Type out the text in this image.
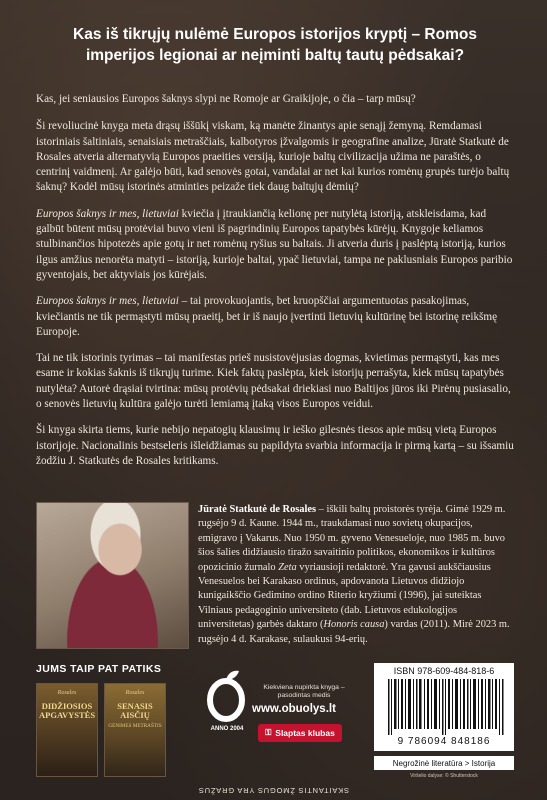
Kas iš tikrųjų nulėmė Europos istorijos kryptį – Romos imperijos legionai ar neįminti baltų tautų pėdsakai?

Kas, jei seniausios Europos šaknys slypi ne Romoje ar Graikijoje, o čia – tarp mūsų?

Ši revoliucinė knyga meta drąsų iššūkį viskam, ką manėte žinantys apie senąjį žemyną. Remdamasi istoriniais šaltiniais, senaisiais metraščiais, kalbotyros įžvalgomis ir geografine analize, Jūratė Statkutė de Rosales atveria alternatyvią Europos praeities versiją, kurioje baltų civilizacija užima ne paraštės, o centrinį vaidmenį. Ar galėjo būti, kad senovės gotai, vandalai ar net kai kurios romėnų grupės turėjo baltų šaknų? Kodėl mūsų istorinės atminties peizaže tiek daug baltųjų dėmių?

Europos šaknys ir mes, lietuviai kviečia į įtraukiančią kelionę per nutylėtą istoriją, atskleisdama, kad galbūt būtent mūsų protėviai buvo vieni iš pagrindinių Europos tapatybės kūrėjų. Knygoje keliamos stulbinančios hipotezės apie gotų ir net romėnų ryšius su baltais. Ji atveria duris į paslėptą istoriją, kurios ilgus amžius nenorėta matyti – istoriją, kurioje baltai, ypač lietuviai, tampa ne paklusniais Europos paribio gyventojais, bet aktyviais jos kūrėjais.

Europos šaknys ir mes, lietuviai – tai provokuojantis, bet kruopščiai argumentuotas pasakojimas, kviečiantis ne tik permąstyti mūsų praeitį, bet ir iš naujo įvertinti lietuvių kultūrinę bei istorinę reikšmę Europoje.

Tai ne tik istorinis tyrimas – tai manifestas prieš nusistovėjusias dogmas, kvietimas permąstyti, kas mes esame ir kokias šaknis iš tikrųjų turime. Kiek faktų paslėpta, kiek istorijų perrašyta, kiek mūsų tapatybės nutylėta? Autorė drąsiai tvirtina: mūsų protėvių pėdsakai driekiasi nuo Baltijos jūros iki Pirėnų pusiasalio, o senovės lietuvių kultūra galėjo turėti lemiamą įtaką visos Europos veidui.

Ši knyga skirta tiems, kurie nebijo nepatogių klausimų ir ieško gilesnės tiesos apie mūsų vietą Europos istorijoje. Nacionalinis bestseleris išleidžiamas su papildyta svarbia informacija ir pirmą kartą – su išsamiu žodžiu J. Statkutės de Rosales kritikams.

Jūratė Statkutė de Rosales – iškili baltų proistorės tyrėja. Gimė 1929 m. rugsėjo 9 d. Kaune. 1944 m., traukdamasi nuo sovietų okupacijos, emigravo į Vakarus. Nuo 1950 m. gyveno Venesueloje, nuo 1985 m. buvo šios šalies didžiausio tiražo savaitinio politikos, ekonomikos ir kultūros opozicinio žurnalo Zeta vyriausioji redaktorė. Yra gavusi aukščiausius Venesuelos bei Karakaso ordinus, apdovanota Lietuvos didžiojo kunigaikščio Gedimino ordino Riterio kryžiumi (1996), jai suteiktas Vilniaus pedagoginio universiteto (dab. Lietuvos edukologijos universitetas) garbės daktaro (Honoris causa) vardas (2011). Mirė 2023 m. rugsėjo 4 d. Karakase, sulaukusi 94-erių.
JUMS TAIP PAT PATIKS
Rosales
DIDŽIOSIOS APGAVYSTĖS
Rosales
SENASIS AISČIŲ
GENIMES METRAŠTIS	ANNO 2004
Kiekviena nupirkta knyga – pasodintas medis
www.obuolys.lt
⚿ Slaptas klubas
ISBN 978-609-484-818-6
9 786094 848186
Negrožinė literatūra > Istorija
Viršelio dalyse: © Shutterstock
SKAITANTIS ŽMOGUS YRA GRAŽUS
